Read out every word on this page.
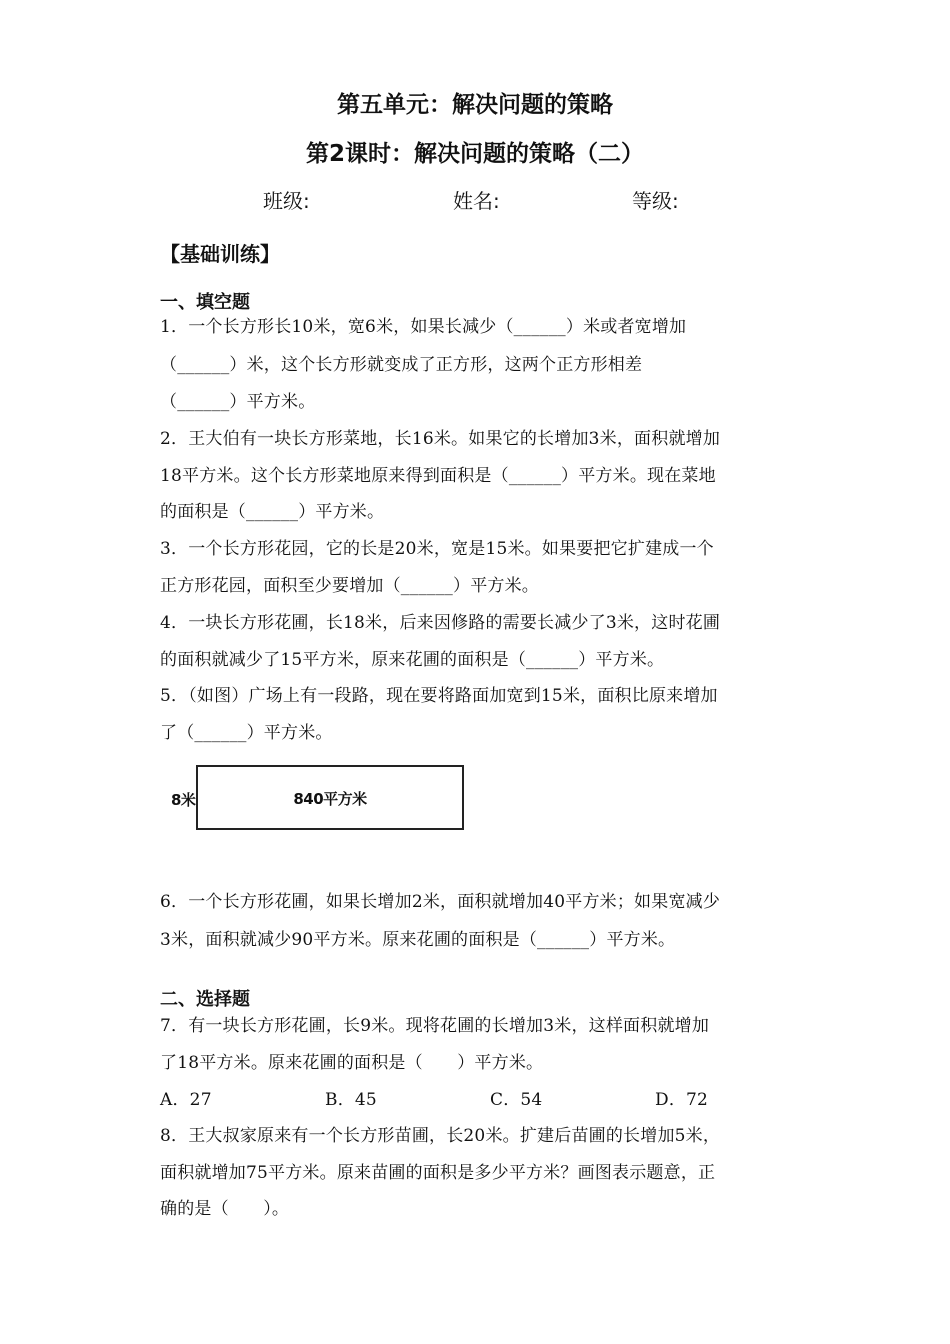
第五单元：解决问题的策略
第2课时：解决问题的策略（二）
班级:	姓名:	等级:
【基础训练】
一、填空题
1．一个长方形长10米，宽6米，如果长减少（______）米或者宽增加
（______）米，这个长方形就变成了正方形，这两个正方形相差
（______）平方米。
2．王大伯有一块长方形菜地，长16米。如果它的长增加3米，面积就增加
18平方米。这个长方形菜地原来得到面积是（______）平方米。现在菜地
的面积是（______）平方米。
3．一个长方形花园，它的长是20米，宽是15米。如果要把它扩建成一个
正方形花园，面积至少要增加（______）平方米。
4．一块长方形花圃，长18米，后来因修路的需要长减少了3米，这时花圃
的面积就减少了15平方米，原来花圃的面积是（______）平方米。
5．（如图）广场上有一段路，现在要将路面加宽到15米，面积比原来增加
了（______）平方米。
8米	840平方米
6．一个长方形花圃，如果长增加2米，面积就增加40平方米；如果宽减少
3米，面积就减少90平方米。原来花圃的面积是（______）平方米。
二、选择题
7．有一块长方形花圃，长9米。现将花圃的长增加3米，这样面积就增加
了18平方米。原来花圃的面积是（　　）平方米。
A．27	B．45	C．54	D．72
8．王大叔家原来有一个长方形苗圃，长20米。扩建后苗圃的长增加5米，
面积就增加75平方米。原来苗圃的面积是多少平方米？画图表示题意，正
确的是（　　）。
